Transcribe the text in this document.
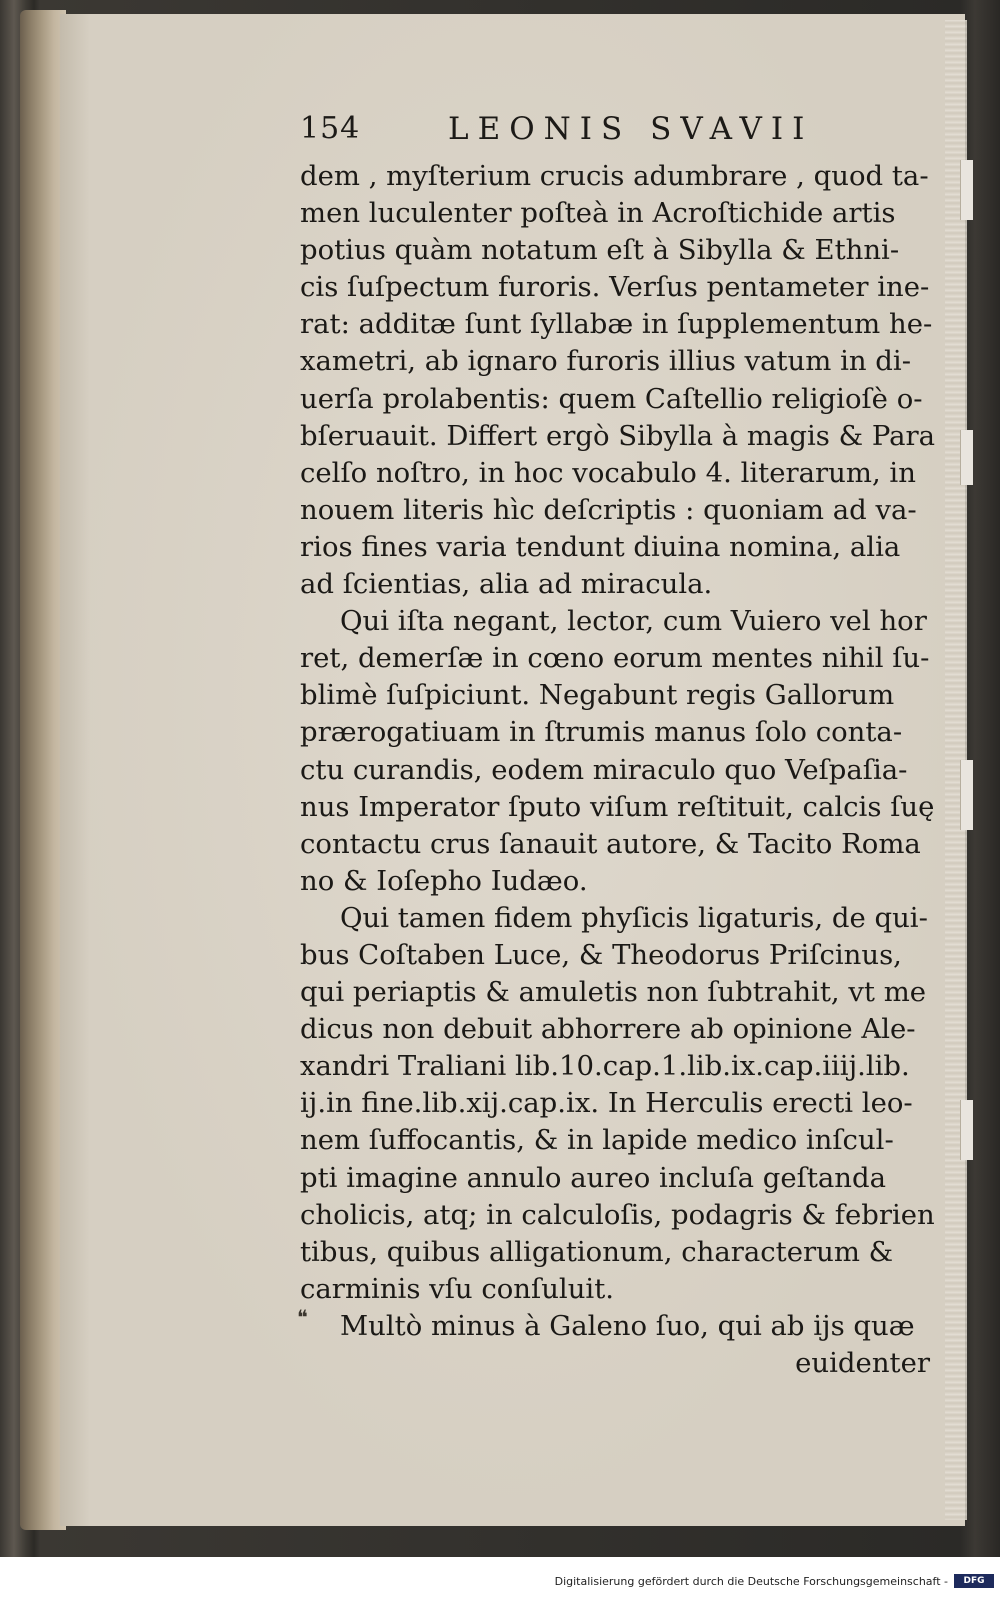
154	LEONIS SVAVII
dem , myſterium crucis adumbrare , quod ta-
men luculenter poſteà in Acroſtichide artis
potius quàm notatum eſt à Sibylla & Ethni-
cis ſuſpectum furoris. Verſus pentameter ine-
rat: additæ ſunt ſyllabæ in ſupplementum he-
xametri, ab ignaro furoris illius vatum in di-
uerſa prolabentis: quem Caſtellio religioſè o-
bſeruauit. Differt ergò Sibylla à magis & Para
celſo noſtro, in hoc vocabulo 4. literarum, in
nouem literis hìc deſcriptis : quoniam ad va-
rios fines varia tendunt diuina nomina, alia
ad ſcientias, alia ad miracula.
Qui iſta negant, lector, cum Vuiero vel hor
ret, demerſæ in cœno eorum mentes nihil ſu-
blimè ſuſpiciunt. Negabunt regis Gallorum
prærogatiuam in ſtrumis manus ſolo conta-
ctu curandis, eodem miraculo quo Veſpaſia-
nus Imperator ſputo viſum reſtituit, calcis ſuę
contactu crus ſanauit autore, & Tacito Roma
no & Ioſepho Iudæo.
Qui tamen fidem phyſicis ligaturis, de qui-
bus Coſtaben Luce, & Theodorus Priſcinus,
qui periaptis & amuletis non ſubtrahit, vt me
dicus non debuit abhorrere ab opinione Ale-
xandri Traliani lib.10.cap.1.lib.ix.cap.iiij.lib.
ij.in fine.lib.xij.cap.ix. In Herculis erecti leo-
nem ſuffocantis, & in lapide medico inſcul-
pti imagine annulo aureo incluſa geſtanda
cholicis, atq; in calculoſis, podagris & febrien
tibus, quibus alligationum, characterum &
carminis vſu conſuluit.
Multò minus à Galeno ſuo, qui ab ijs quæ
euidenter
❝
Digitalisierung gefördert durch die Deutsche Forschungsgemeinschaft -	DFG
